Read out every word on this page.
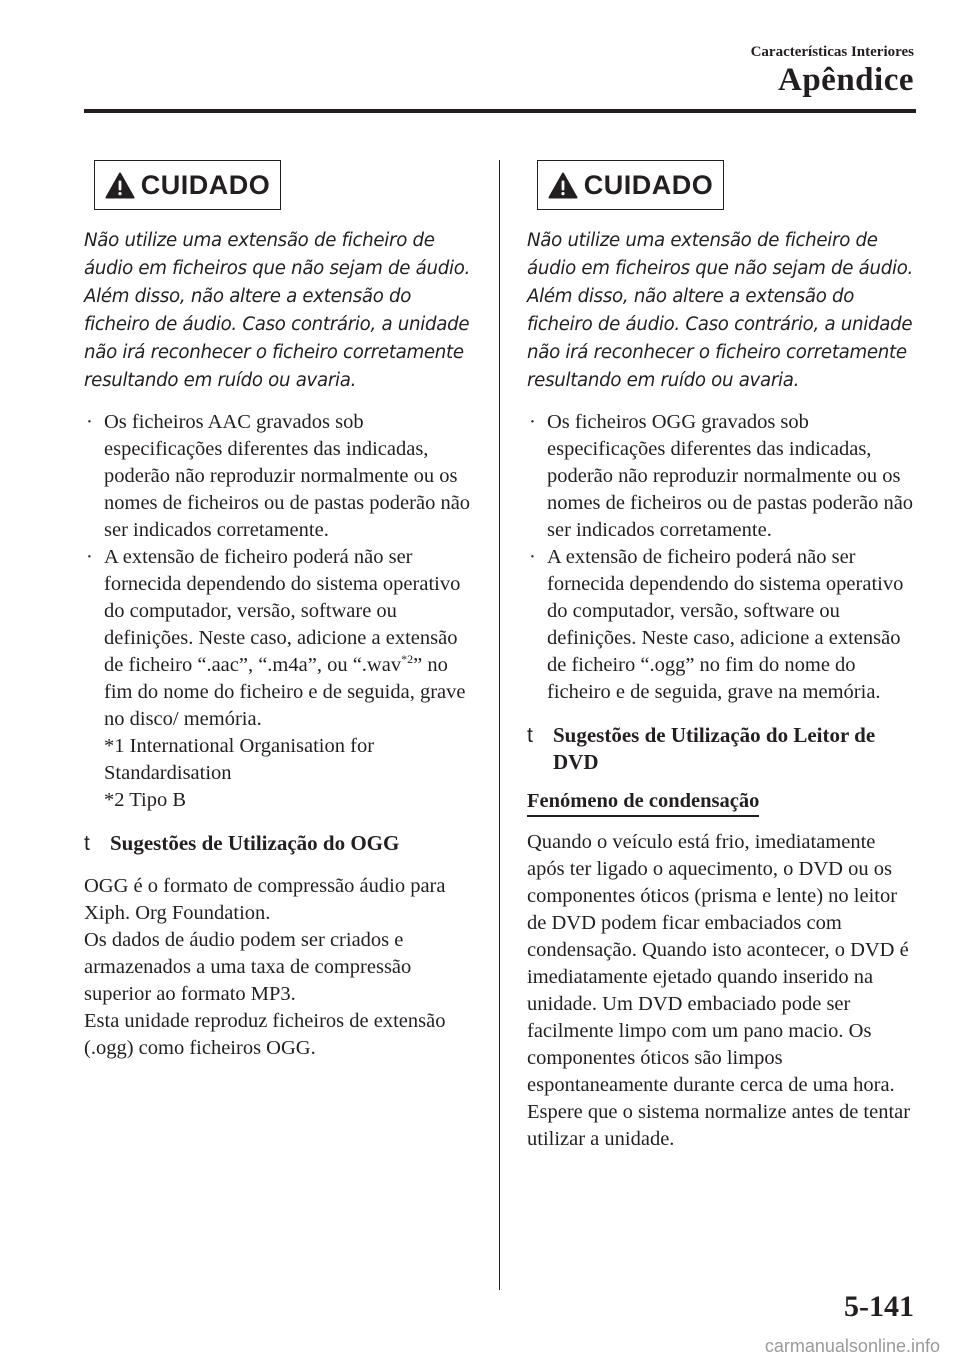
Características Interiores
Apêndice
CUIDADO

Não utilize uma extensão de ficheiro de áudio em ficheiros que não sejam de áudio. Além disso, não altere a extensão do ficheiro de áudio. Caso contrário, a unidade não irá reconhecer o ficheiro corretamente resultando em ruído ou avaria.

· Os ficheiros AAC gravados sob especificações diferentes das indicadas, poderão não reproduzir normalmente ou os nomes de ficheiros ou de pastas poderão não ser indicados corretamente.
· A extensão de ficheiro poderá não ser fornecida dependendo do sistema operativo do computador, versão, software ou definições. Neste caso, adicione a extensão de ficheiro “.aac”, “.m4a”, ou “.wav$^{*2}$” no fim do nome do ficheiro e de seguida, grave no disco/ memória.
*1 International Organisation for Standardisation
*2 Tipo B
t Sugestões de Utilização do OGG

OGG é o formato de compressão áudio para Xiph. Org Foundation.

Os dados de áudio podem ser criados e armazenados a uma taxa de compressão superior ao formato MP3.

Esta unidade reproduz ficheiros de extensão (.ogg) como ficheiros OGG.

CUIDADO

Não utilize uma extensão de ficheiro de áudio em ficheiros que não sejam de áudio. Além disso, não altere a extensão do ficheiro de áudio. Caso contrário, a unidade não irá reconhecer o ficheiro corretamente resultando em ruído ou avaria.

· Os ficheiros OGG gravados sob especificações diferentes das indicadas, poderão não reproduzir normalmente ou os nomes de ficheiros ou de pastas poderão não ser indicados corretamente.
· A extensão de ficheiro poderá não ser fornecida dependendo do sistema operativo do computador, versão, software ou definições. Neste caso, adicione a extensão de ficheiro “.ogg” no fim do nome do ficheiro e de seguida, grave na memória.
t Sugestões de Utilização do Leitor de DVD
Fenómeno de condensação

Quando o veículo está frio, imediatamente após ter ligado o aquecimento, o DVD ou os componentes óticos (prisma e lente) no leitor de DVD podem ficar embaciados com condensação. Quando isto acontecer, o DVD é imediatamente ejetado quando inserido na unidade. Um DVD embaciado pode ser facilmente limpo com um pano macio. Os componentes óticos são limpos espontaneamente durante cerca de uma hora. Espere que o sistema normalize antes de tentar utilizar a unidade.

5-141
carmanualsonline.info
